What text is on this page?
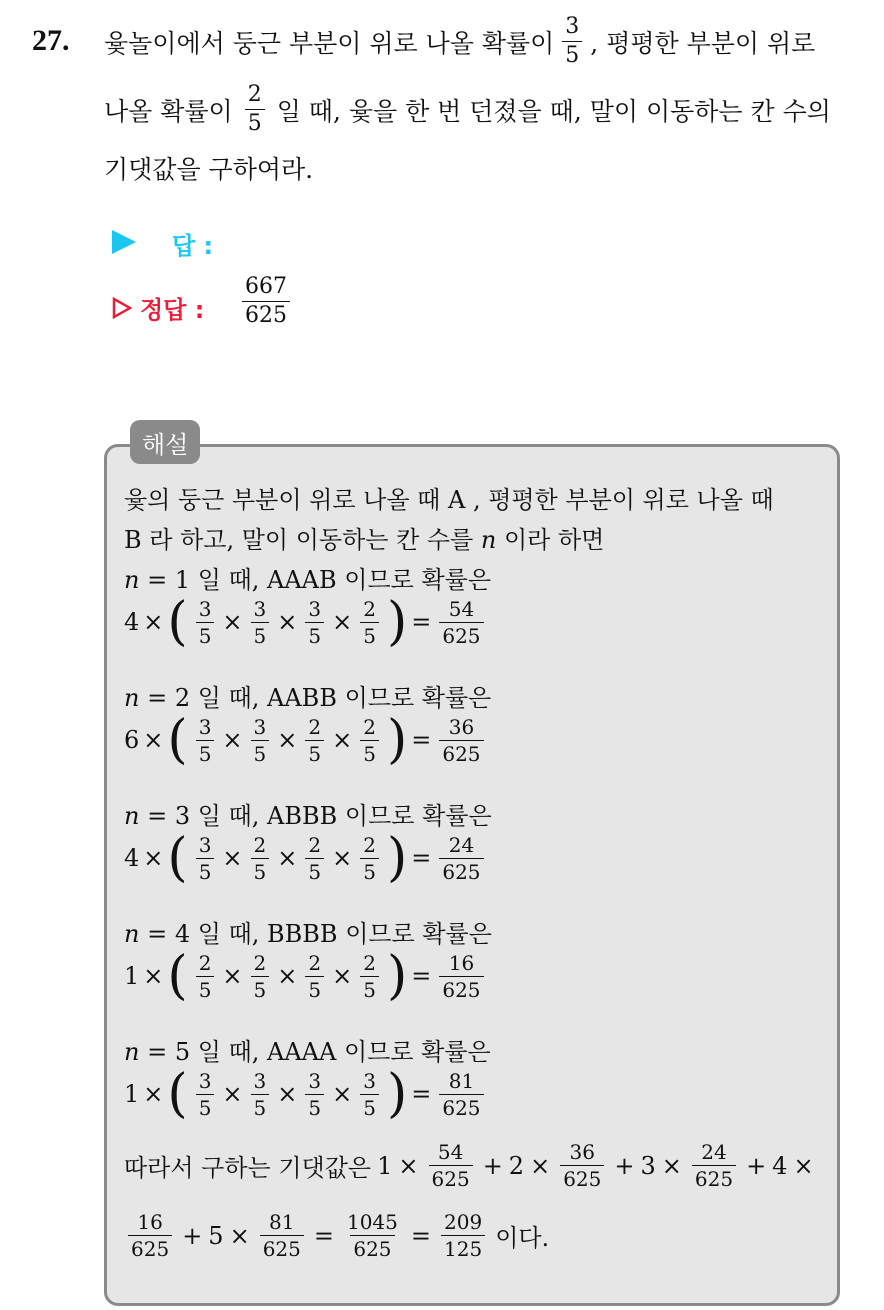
27. 윷놀이에서 둥근 부분이 위로 나올 확률이 $\frac{3}{5}$ , 평평한 부분이 위로
나올 확률이 $\frac{2}{5}$ 일 때, 윷을 한 번 던졌을 때, 말이 이동하는 칸 수의
기댓값을 구하여라.
답 :
정답 : $\frac{667}{625}$
해설
윷의 둥근 부분이 위로 나올 때 A , 평평한 부분이 위로 나올 때
B 라 하고, 말이 이동하는 칸 수를 n 이라 하면
n = 1 일 때, AAAB 이므로 확률은
4 × ( $\frac{3}{5} \times \frac{3}{5} \times \frac{3}{5} \times \frac{2}{5}$ ) = $\frac{54}{625}$
n = 2 일 때, AABB 이므로 확률은
6 × ( $\frac{3}{5} \times \frac{3}{5} \times \frac{2}{5} \times \frac{2}{5}$ ) = $\frac{36}{625}$
n = 3 일 때, ABBB 이므로 확률은
4 × ( $\frac{3}{5} \times \frac{2}{5} \times \frac{2}{5} \times \frac{2}{5}$ ) = $\frac{24}{625}$
n = 4 일 때, BBBB 이므로 확률은
1 × ( $\frac{2}{5} \times \frac{2}{5} \times \frac{2}{5} \times \frac{2}{5}$ ) = $\frac{16}{625}$
n = 5 일 때, AAAA 이므로 확률은
1 × ( $\frac{3}{5} \times \frac{3}{5} \times \frac{3}{5} \times \frac{3}{5}$ ) = $\frac{81}{625}$
따라서 구하는 기댓값은 $1 \times \frac{54}{625} + 2 \times \frac{36}{625} + 3 \times \frac{24}{625} + 4$ ×
$\frac{16}{625} + 5 \times \frac{81}{625} = \frac{1045}{625} = \frac{209}{125}$ 이다.
